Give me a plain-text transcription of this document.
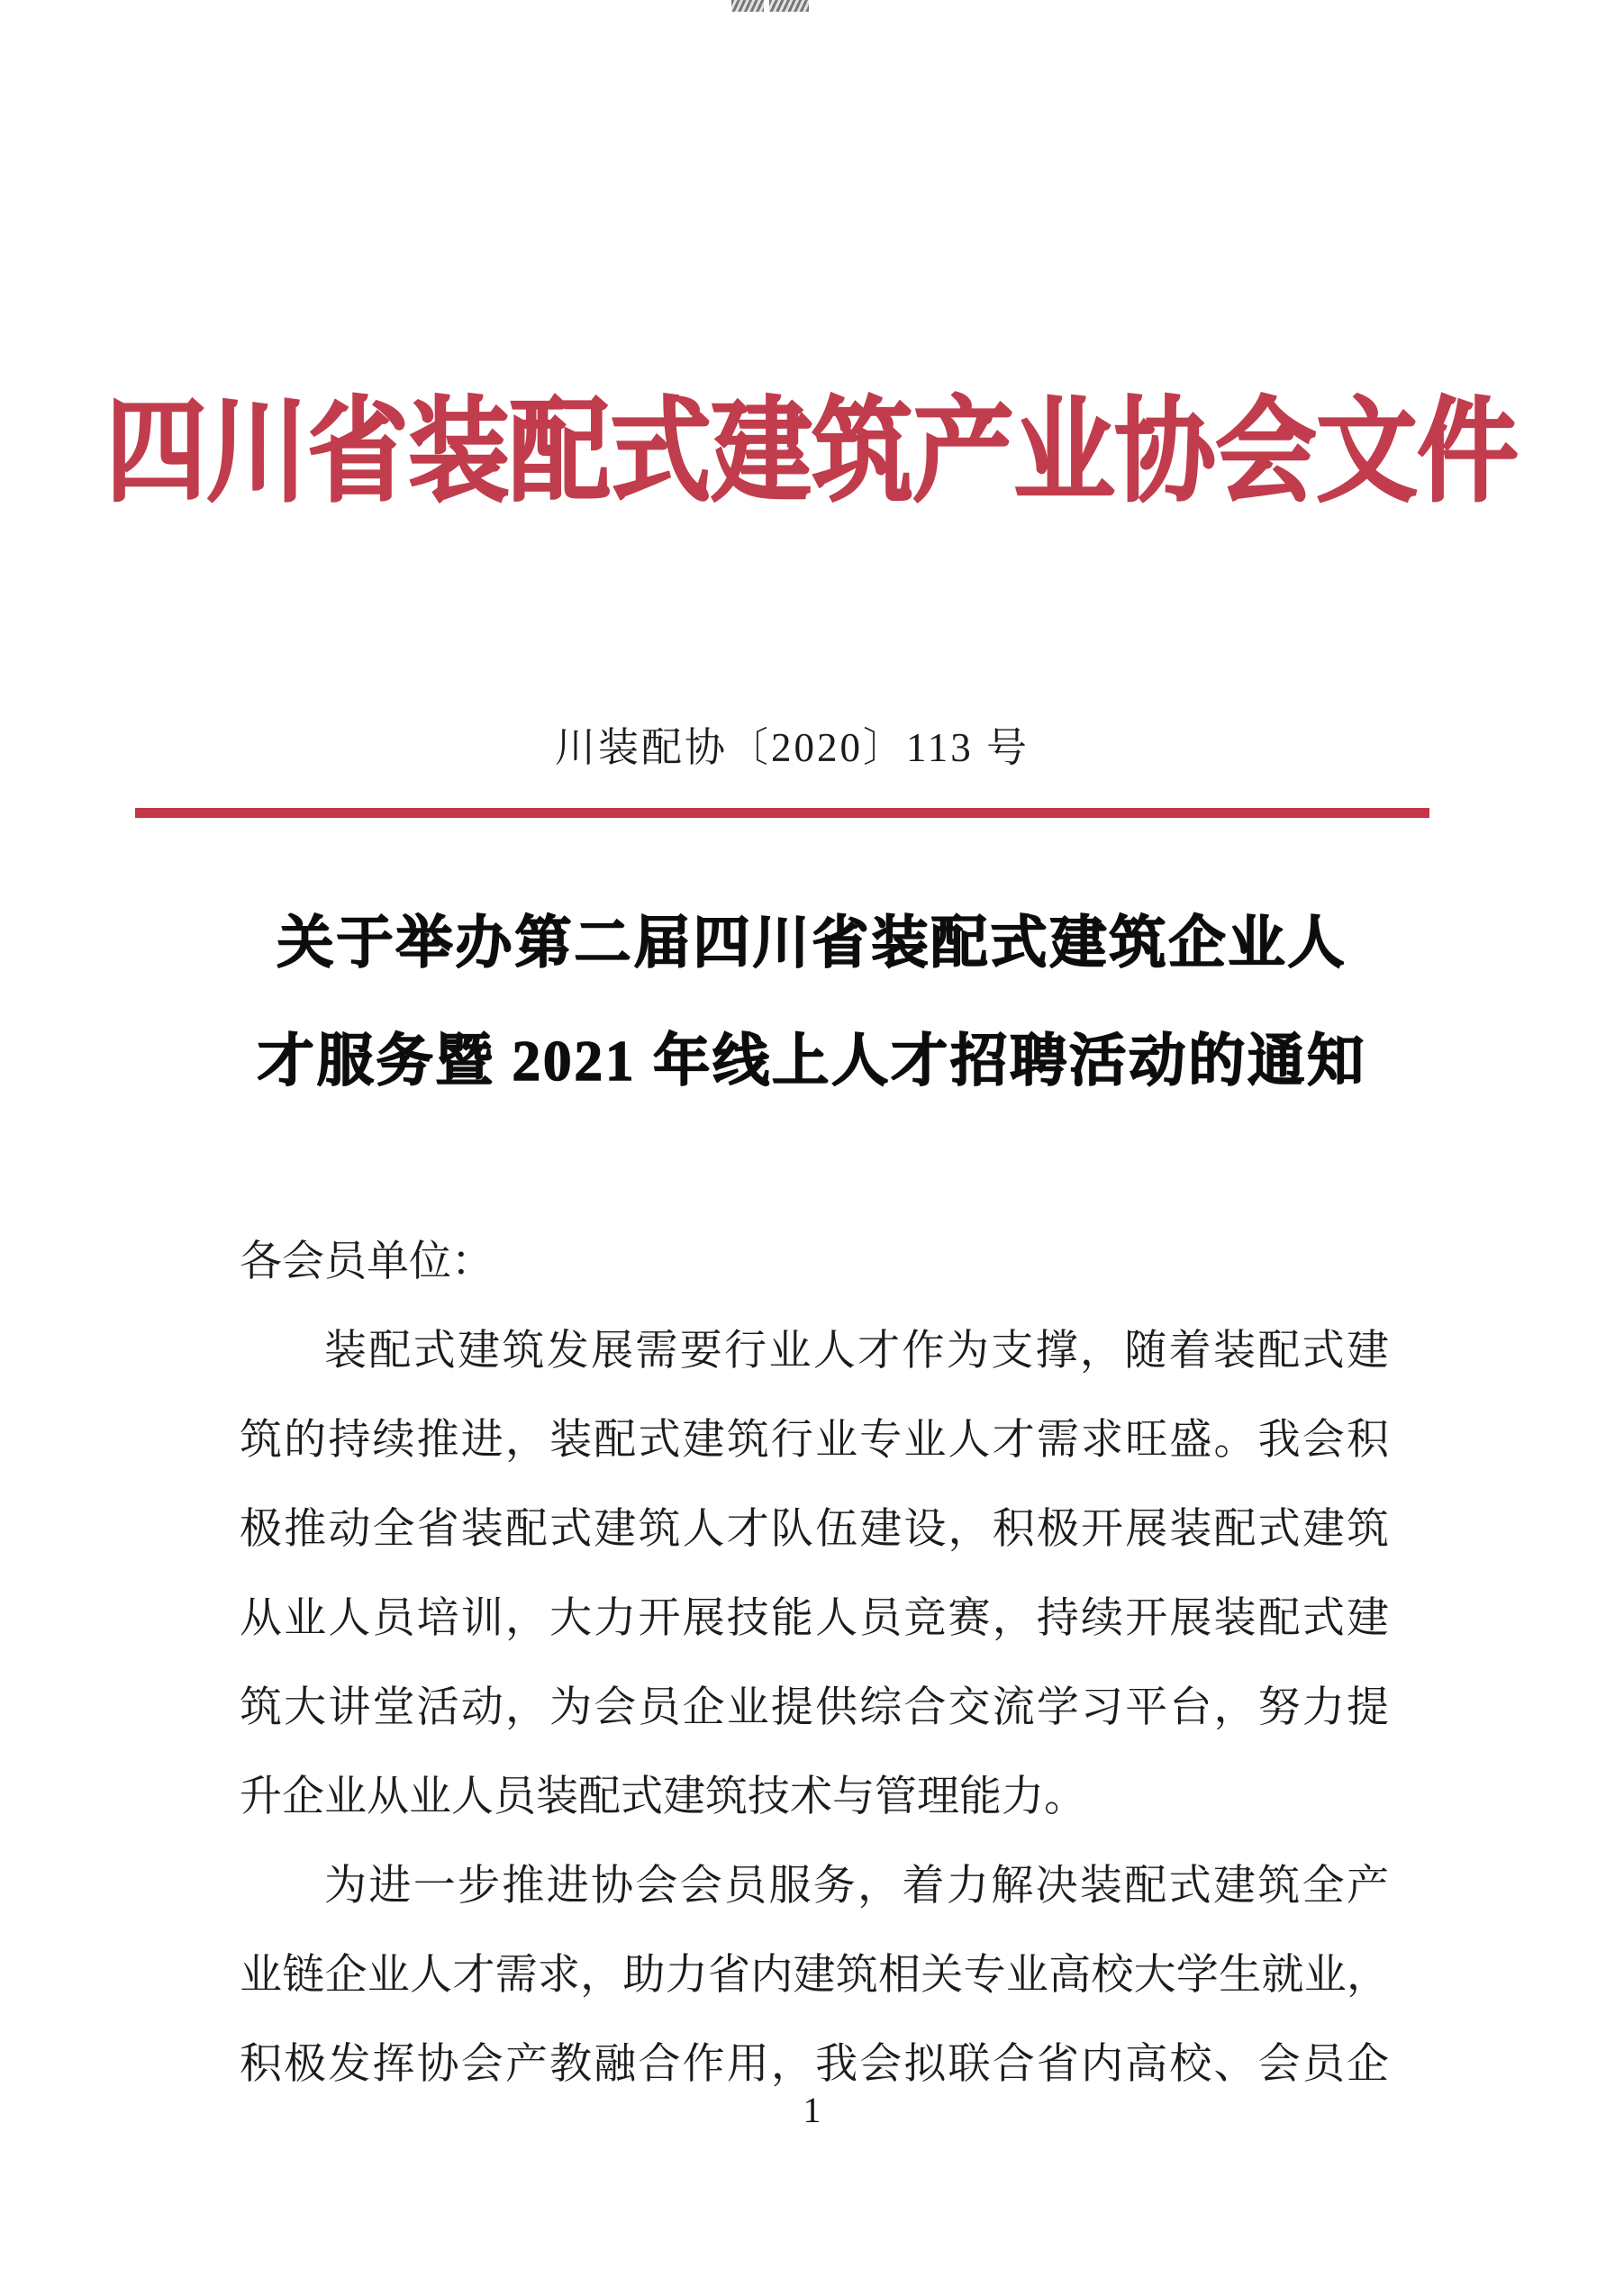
四川省装配式建筑产业协会文件
川装配协〔2020〕113 号
关于举办第二届四川省装配式建筑企业人
才服务暨 2021 年线上人才招聘活动的通知
各会员单位：
装配式建筑发展需要行业人才作为支撑，随着装配式建
筑的持续推进，装配式建筑行业专业人才需求旺盛。我会积
极推动全省装配式建筑人才队伍建设，积极开展装配式建筑
从业人员培训，大力开展技能人员竞赛，持续开展装配式建
筑大讲堂活动，为会员企业提供综合交流学习平台，努力提
升企业从业人员装配式建筑技术与管理能力。
为进一步推进协会会员服务，着力解决装配式建筑全产
业链企业人才需求，助力省内建筑相关专业高校大学生就业，
积极发挥协会产教融合作用，我会拟联合省内高校、会员企
1
